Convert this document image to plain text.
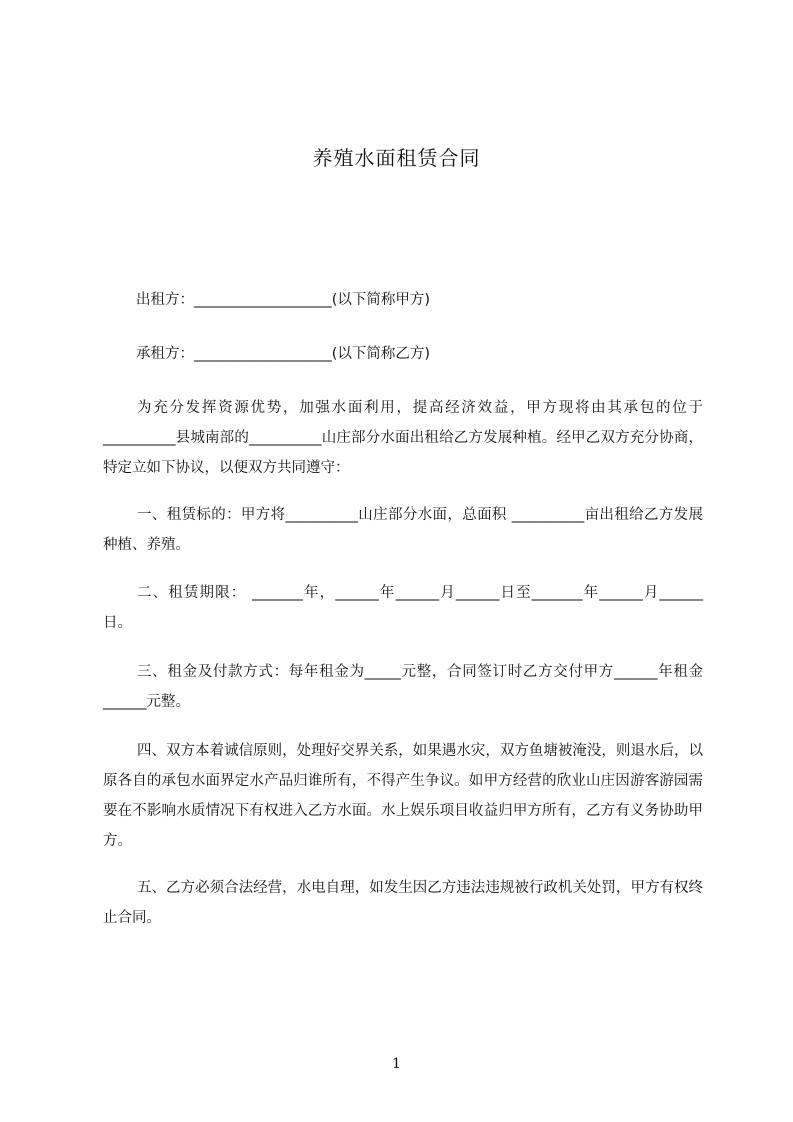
养殖水面租赁合同
出租方：___________________(以下简称甲方)
承租方：___________________(以下简称乙方)

为充分发挥资源优势，加强水面利用，提高经济效益，甲方现将由其承包的位于__________县城南部的__________山庄部分水面出租给乙方发展种植。经甲乙双方充分协商，特定立如下协议，以便双方共同遵守：

一、租赁标的：甲方将__________山庄部分水面，总面积 __________亩出租给乙方发展种植、养殖。

二、租赁期限： _______年，______年______月______日至_______年______月______日。

三、租金及付款方式：每年租金为_____元整，合同签订时乙方交付甲方______年租金______元整。

四、双方本着诚信原则，处理好交界关系，如果遇水灾，双方鱼塘被淹没，则退水后，以原各自的承包水面界定水产品归谁所有，不得产生争议。如甲方经营的欣业山庄因游客游园需要在不影响水质情况下有权进入乙方水面。水上娱乐项目收益归甲方所有，乙方有义务协助甲方。

五、乙方必须合法经营，水电自理，如发生因乙方违法违规被行政机关处罚，甲方有权终止合同。

1
